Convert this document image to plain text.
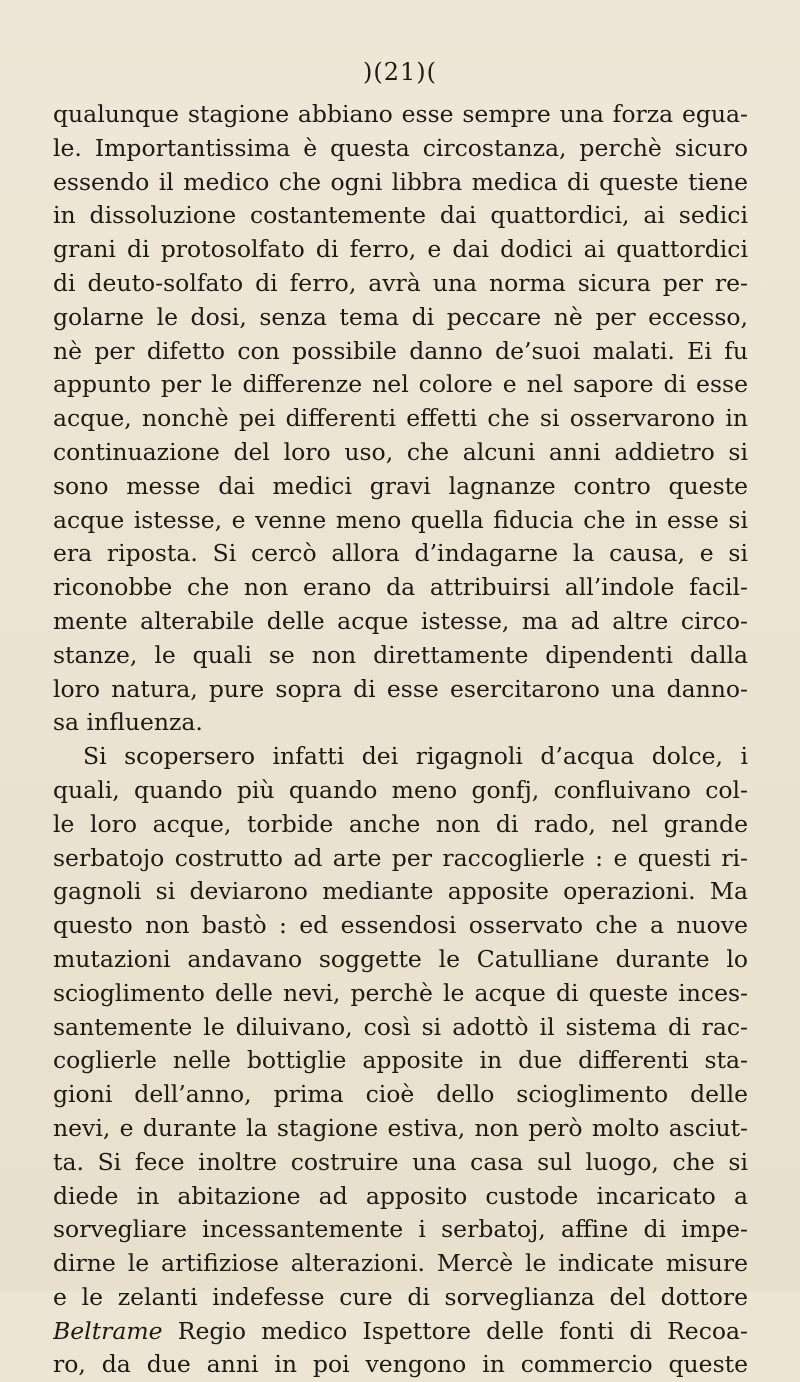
)(21)(
qualunque stagione abbiano esse sempre una forza egua-
le. Importantissima è questa circostanza, perchè sicuro
essendo il medico che ogni libbra medica di queste tiene
in dissoluzione costantemente dai quattordici, ai sedici
grani di protosolfato di ferro, e dai dodici ai quattordici
di deuto-solfato di ferro, avrà una norma sicura per re-
golarne le dosi, senza tema di peccare nè per eccesso,
nè per difetto con possibile danno de’suoi malati. Ei fu
appunto per le differenze nel colore e nel sapore di esse
acque, nonchè pei differenti effetti che si osservarono in
continuazione del loro uso, che alcuni anni addietro si
sono messe dai medici gravi lagnanze contro queste
acque istesse, e venne meno quella fiducia che in esse si
era riposta. Si cercò allora d’indagarne la causa, e si
riconobbe che non erano da attribuirsi all’indole facil-
mente alterabile delle acque istesse, ma ad altre circo-
stanze, le quali se non direttamente dipendenti dalla
loro natura, pure sopra di esse esercitarono una danno-
sa influenza.
Si scopersero infatti dei rigagnoli d’acqua dolce, i
quali, quando più quando meno gonfj, confluivano col-
le loro acque, torbide anche non di rado, nel grande
serbatojo costrutto ad arte per raccoglierle : e questi ri-
gagnoli si deviarono mediante apposite operazioni. Ma
questo non bastò : ed essendosi osservato che a nuove
mutazioni andavano soggette le Catulliane durante lo
scioglimento delle nevi, perchè le acque di queste inces-
santemente le diluivano, così si adottò il sistema di rac-
coglierle nelle bottiglie apposite in due differenti sta-
gioni dell’anno, prima cioè dello scioglimento delle
nevi, e durante la stagione estiva, non però molto asciut-
ta. Si fece inoltre costruire una casa sul luogo, che si
diede in abitazione ad apposito custode incaricato a
sorvegliare incessantemente i serbatoj, affine di impe-
dirne le artifiziose alterazioni. Mercè le indicate misure
e le zelanti indefesse cure di sorveglianza del dottore
Beltrame Regio medico Ispettore delle fonti di Recoa-
ro, da due anni in poi vengono in commercio queste
